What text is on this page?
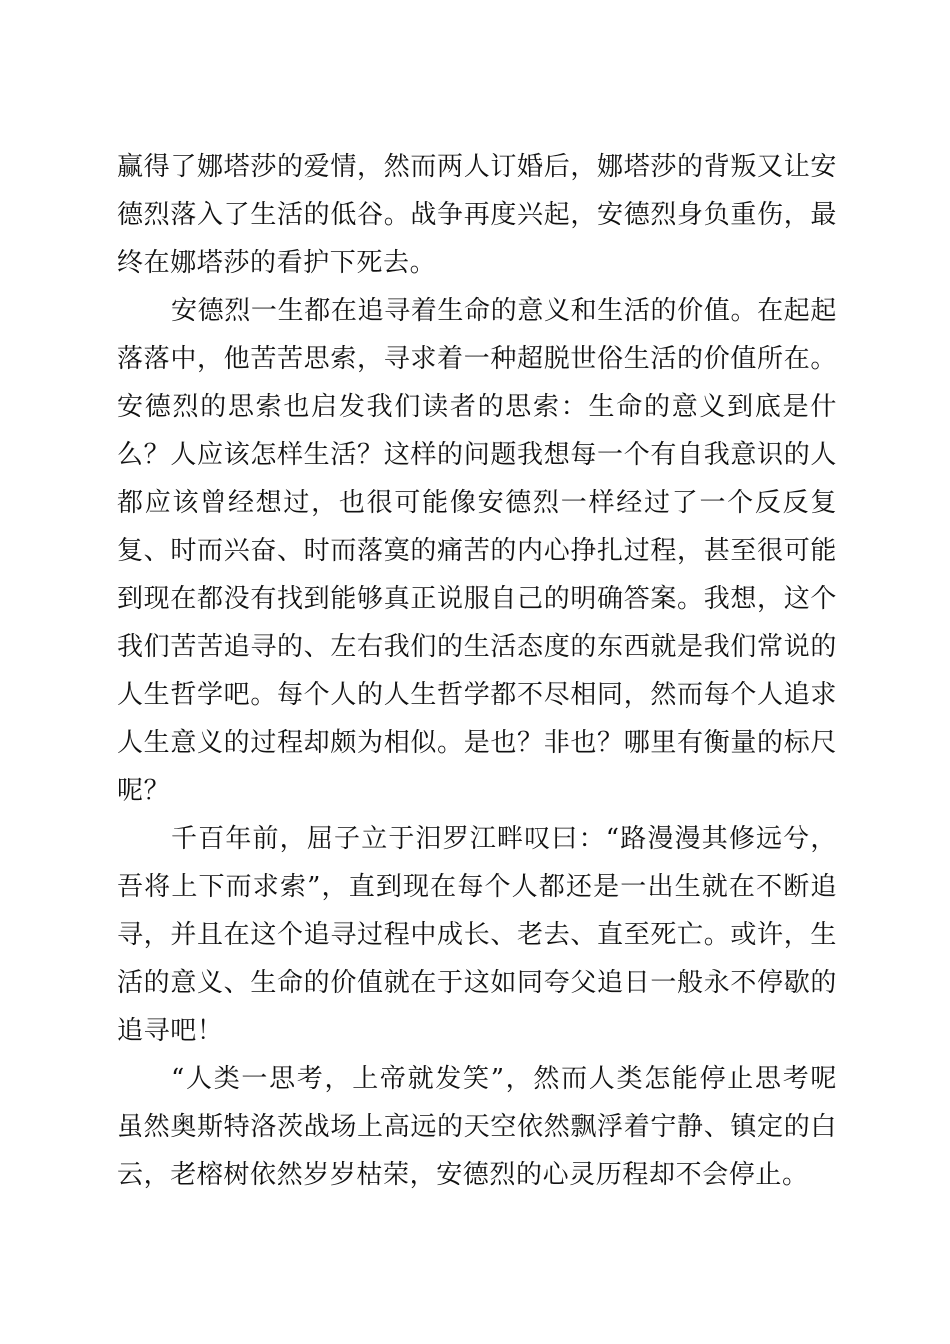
赢得了娜塔莎的爱情，然而两人订婚后，娜塔莎的背叛又让安德烈落入了生活的低谷。战争再度兴起，安德烈身负重伤，最终在娜塔莎的看护下死去。

安德烈一生都在追寻着生命的意义和生活的价值。在起起落落中，他苦苦思索，寻求着一种超脱世俗生活的价值所在。安德烈的思索也启发我们读者的思索：生命的意义到底是什么？人应该怎样生活？这样的问题我想每一个有自我意识的人都应该曾经想过，也很可能像安德烈一样经过了一个反反复复、时而兴奋、时而落寞的痛苦的内心挣扎过程，甚至很可能到现在都没有找到能够真正说服自己的明确答案。我想，这个我们苦苦追寻的、左右我们的生活态度的东西就是我们常说的人生哲学吧。每个人的人生哲学都不尽相同，然而每个人追求人生意义的过程却颇为相似。是也？非也？哪里有衡量的标尺呢？

千百年前，屈子立于汨罗江畔叹曰：“路漫漫其修远兮，吾将上下而求索”，直到现在每个人都还是一出生就在不断追寻，并且在这个追寻过程中成长、老去、直至死亡。或许，生活的意义、生命的价值就在于这如同夸父追日一般永不停歇的追寻吧！

“人类一思考，上帝就发笑”，然而人类怎能停止思考呢虽然奥斯特洛茨战场上高远的天空依然飘浮着宁静、镇定的白云，老榕树依然岁岁枯荣，安德烈的心灵历程却不会停止。
